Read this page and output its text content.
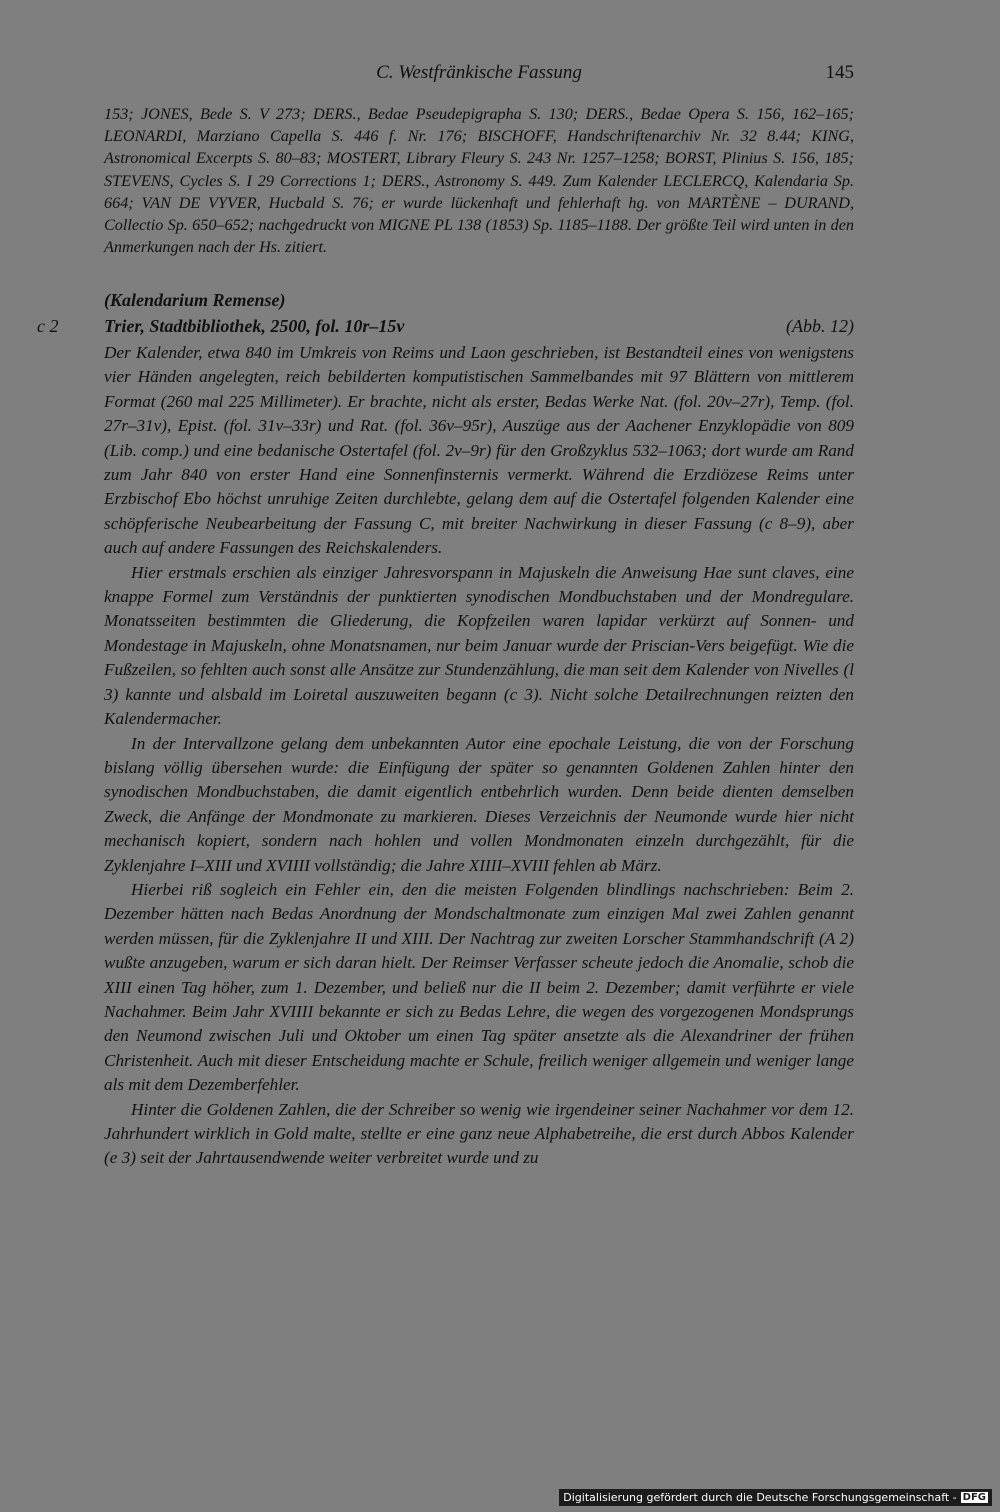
C. Westfränkische Fassung	145
153; JONES, Bede S. V 273; DERS., Bedae Pseudepigrapha S. 130; DERS., Bedae Opera S. 156, 162–165; LEONARDI, Marziano Capella S. 446 f. Nr. 176; BISCHOFF, Handschriftenarchiv Nr. 32 8.44; KING, Astronomical Excerpts S. 80–83; MOSTERT, Library Fleury S. 243 Nr. 1257–1258; BORST, Plinius S. 156, 185; STEVENS, Cycles S. I 29 Corrections 1; DERS., Astronomy S. 449. Zum Kalender LECLERCQ, Kalendaria Sp. 664; VAN DE VYVER, Hucbald S. 76; er wurde lückenhaft und fehlerhaft hg. von MARTÈNE – DURAND, Collectio Sp. 650–652; nachgedruckt von MIGNE PL 138 (1853) Sp. 1185–1188. Der größte Teil wird unten in den Anmerkungen nach der Hs. zitiert.
(Kalendarium Remense)
c 2	Trier, Stadtbibliothek, 2500, fol. 10r–15v	(Abb. 12)

Der Kalender, etwa 840 im Umkreis von Reims und Laon geschrieben, ist Bestandteil eines von wenigstens vier Händen angelegten, reich bebilderten komputistischen Sammelbandes mit 97 Blättern von mittlerem Format (260 mal 225 Millimeter). Er brachte, nicht als erster, Bedas Werke Nat. (fol. 20v–27r), Temp. (fol. 27r–31v), Epist. (fol. 31v–33r) und Rat. (fol. 36v–95r), Auszüge aus der Aachener Enzyklopädie von 809 (Lib. comp.) und eine bedanische Ostertafel (fol. 2v–9r) für den Großzyklus 532–1063; dort wurde am Rand zum Jahr 840 von erster Hand eine Sonnenfinsternis vermerkt. Während die Erzdiözese Reims unter Erzbischof Ebo höchst unruhige Zeiten durchlebte, gelang dem auf die Ostertafel folgenden Kalender eine schöpferische Neubearbeitung der Fassung C, mit breiter Nachwirkung in dieser Fassung (c 8–9), aber auch auf andere Fassungen des Reichskalenders.

Hier erstmals erschien als einziger Jahresvorspann in Majuskeln die Anweisung Hae sunt claves, eine knappe Formel zum Verständnis der punktierten synodischen Mondbuchstaben und der Mondregulare. Monatsseiten bestimmten die Gliederung, die Kopfzeilen waren lapidar verkürzt auf Sonnen- und Mondestage in Majuskeln, ohne Monatsnamen, nur beim Januar wurde der Priscian-Vers beigefügt. Wie die Fußzeilen, so fehlten auch sonst alle Ansätze zur Stundenzählung, die man seit dem Kalender von Nivelles (l 3) kannte und alsbald im Loiretal auszuweiten begann (c 3). Nicht solche Detailrechnungen reizten den Kalendermacher.

In der Intervallzone gelang dem unbekannten Autor eine epochale Leistung, die von der Forschung bislang völlig übersehen wurde: die Einfügung der später so genannten Goldenen Zahlen hinter den synodischen Mondbuchstaben, die damit eigentlich entbehrlich wurden. Denn beide dienten demselben Zweck, die Anfänge der Mondmonate zu markieren. Dieses Verzeichnis der Neumonde wurde hier nicht mechanisch kopiert, sondern nach hohlen und vollen Mondmonaten einzeln durchgezählt, für die Zyklenjahre I–XIII und XVIIII vollständig; die Jahre XIIII–XVIII fehlen ab März.

Hierbei riß sogleich ein Fehler ein, den die meisten Folgenden blindlings nachschrieben: Beim 2. Dezember hätten nach Bedas Anordnung der Mondschaltmonate zum einzigen Mal zwei Zahlen genannt werden müssen, für die Zyklenjahre II und XIII. Der Nachtrag zur zweiten Lorscher Stammhandschrift (A 2) wußte anzugeben, warum er sich daran hielt. Der Reimser Verfasser scheute jedoch die Anomalie, schob die XIII einen Tag höher, zum 1. Dezember, und beließ nur die II beim 2. Dezember; damit verführte er viele Nachahmer. Beim Jahr XVIIII bekannte er sich zu Bedas Lehre, die wegen des vorgezogenen Mondsprungs den Neumond zwischen Juli und Oktober um einen Tag später ansetzte als die Alexandriner der frühen Christenheit. Auch mit dieser Entscheidung machte er Schule, freilich weniger allgemein und weniger lange als mit dem Dezemberfehler.

Hinter die Goldenen Zahlen, die der Schreiber so wenig wie irgendeiner seiner Nachahmer vor dem 12. Jahrhundert wirklich in Gold malte, stellte er eine ganz neue Alphabetreihe, die erst durch Abbos Kalender (e 3) seit der Jahrtausendwende weiter verbreitet wurde und zu

Digitalisierung gefördert durch die Deutsche Forschungsgemeinschaft - DFG
